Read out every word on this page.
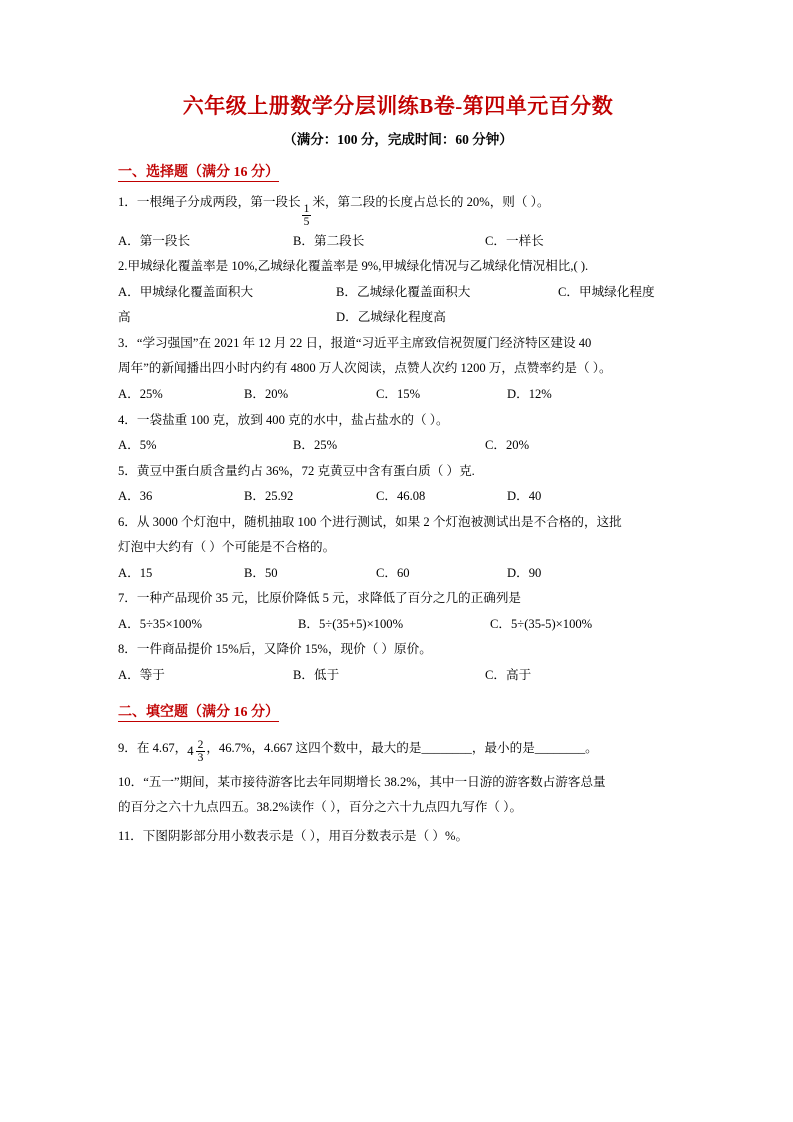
六年级上册数学分层训练B卷-第四单元百分数
（满分：100 分，完成时间：60 分钟）
一、选择题（满分 16 分）
1．一根绳子分成两段，第一段长
$\frac{1}{5}$
米，第二段的长度占总长的 20%，则（ ）。
A．第一段长	B．第二段长	C．一样长
2.甲城绿化覆盖率是 10%,乙城绿化覆盖率是 9%,甲城绿化情况与乙城绿化情况相比,( ).
A．甲城绿化覆盖面积大	B．乙城绿化覆盖面积大	C．甲城绿化程度
高	D．乙城绿化程度高
3．“学习强国”在 2021 年 12 月 22 日，报道“习近平主席致信祝贺厦门经济特区建设 40
周年”的新闻播出四小时内约有 4800 万人次阅读，点赞人次约 1200 万，点赞率约是（ ）。
A．25%	B．20%	C．15%	D．12%
4．一袋盐重 100 克，放到 400 克的水中，盐占盐水的（ ）。
A．5%	B．25%	C．20%
5．黄豆中蛋白质含量约占 36%，72 克黄豆中含有蛋白质（ ）克.
A．36	B．25.92	C．46.08	D．40
6．从 3000 个灯泡中，随机抽取 100 个进行测试，如果 2 个灯泡被测试出是不合格的，这批
灯泡中大约有（ ）个可能是不合格的。
A．15	B．50	C．60	D．90
7．一种产品现价 35 元，比原价降低 5 元，求降低了百分之几的正确列是
A．5÷35×100%	B．5÷(35+5)×100%	C．5÷(35-5)×100%
8．一件商品提价 15%后，又降价 15%，现价（ ）原价。
A．等于	B．低于	C．高于
二、填空题（满分 16 分）
9．在 4.67， $4 \frac{2}{3}$ ，46.7%，4.667 这四个数中，最大的是________，最小的是________。
10．“五一”期间，某市接待游客比去年同期增长 38.2%，其中一日游的游客数占游客总量
的百分之六十九点四五。38.2%读作（ ），百分之六十九点四九写作（ ）。
11．下图阴影部分用小数表示是（ ），用百分数表示是（ ）%。
